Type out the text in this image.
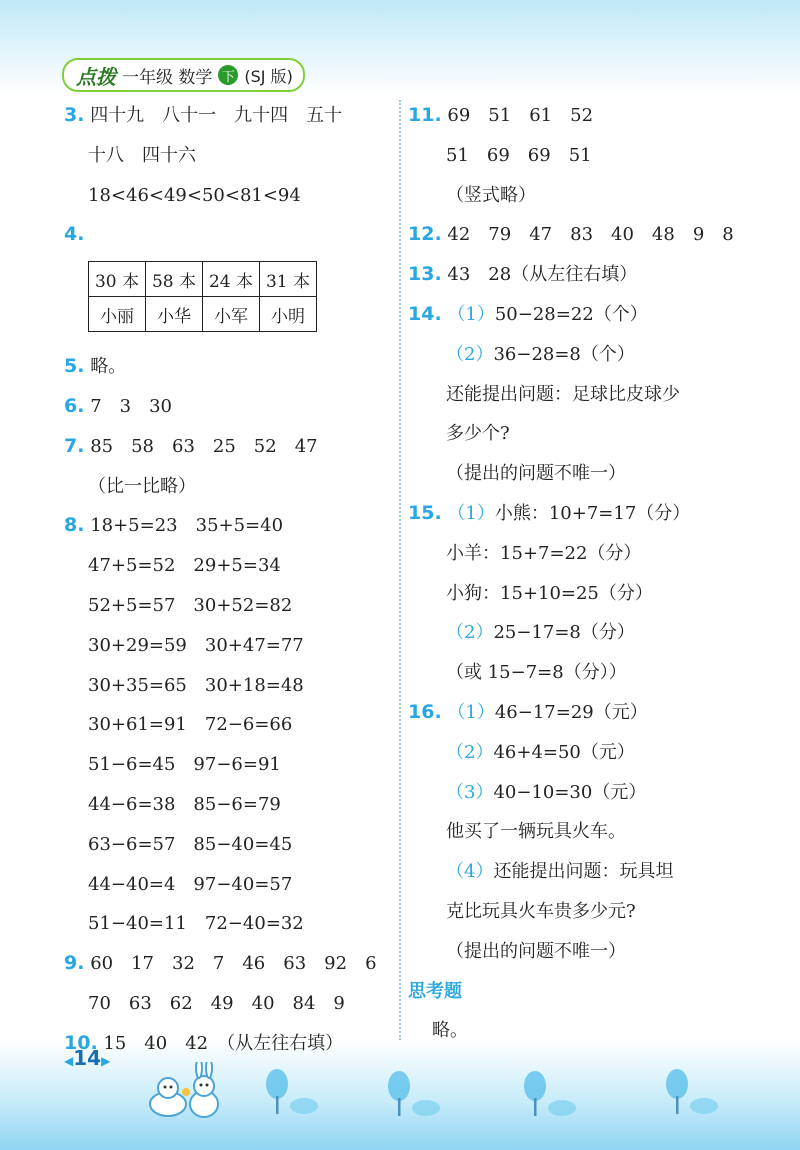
点拨 一年级 数学 下 (SJ 版)
3. 四十九　八十一　九十四　五十
十八　四十六
18<46<49<50<81<94
4.
30 本	58 本	24 本	31 本
小丽	小华	小军	小明
5. 略。
6. 7　3　30
7. 85　58　63　25　52　47
（比一比略）
8. 18+5=23　35+5=40
47+5=52　29+5=34
52+5=57　30+52=82
30+29=59　30+47=77
30+35=65　30+18=48
30+61=91　72−6=66
51−6=45　97−6=91
44−6=38　85−6=79
63−6=57　85−40=45
44−40=4　97−40=57
51−40=11　72−40=32
9. 60　17　32　7　46　63　92　6
70　63　62　49　40　84　9
10. 15　40　42　（从左往右填）
11. 69　51　61　52
51　69　69　51
（竖式略）
12. 42　79　47　83　40　48　9　8
13. 43　28（从左往右填）
14. （1）50−28=22（个）
（2）36−28=8（个）
还能提出问题：足球比皮球少
多少个?
（提出的问题不唯一）
15. （1）小熊：10+7=17（分）
小羊：15+7=22（分）
小狗：15+10=25（分）
（2）25−17=8（分）
（或 15−7=8（分））
16. （1）46−17=29（元）
（2）46+4=50（元）
（3）40−10=30（元）
他买了一辆玩具火车。
（4）还能提出问题：玩具坦
克比玩具火车贵多少元?
（提出的问题不唯一）
思考题
略。
◀14▶
